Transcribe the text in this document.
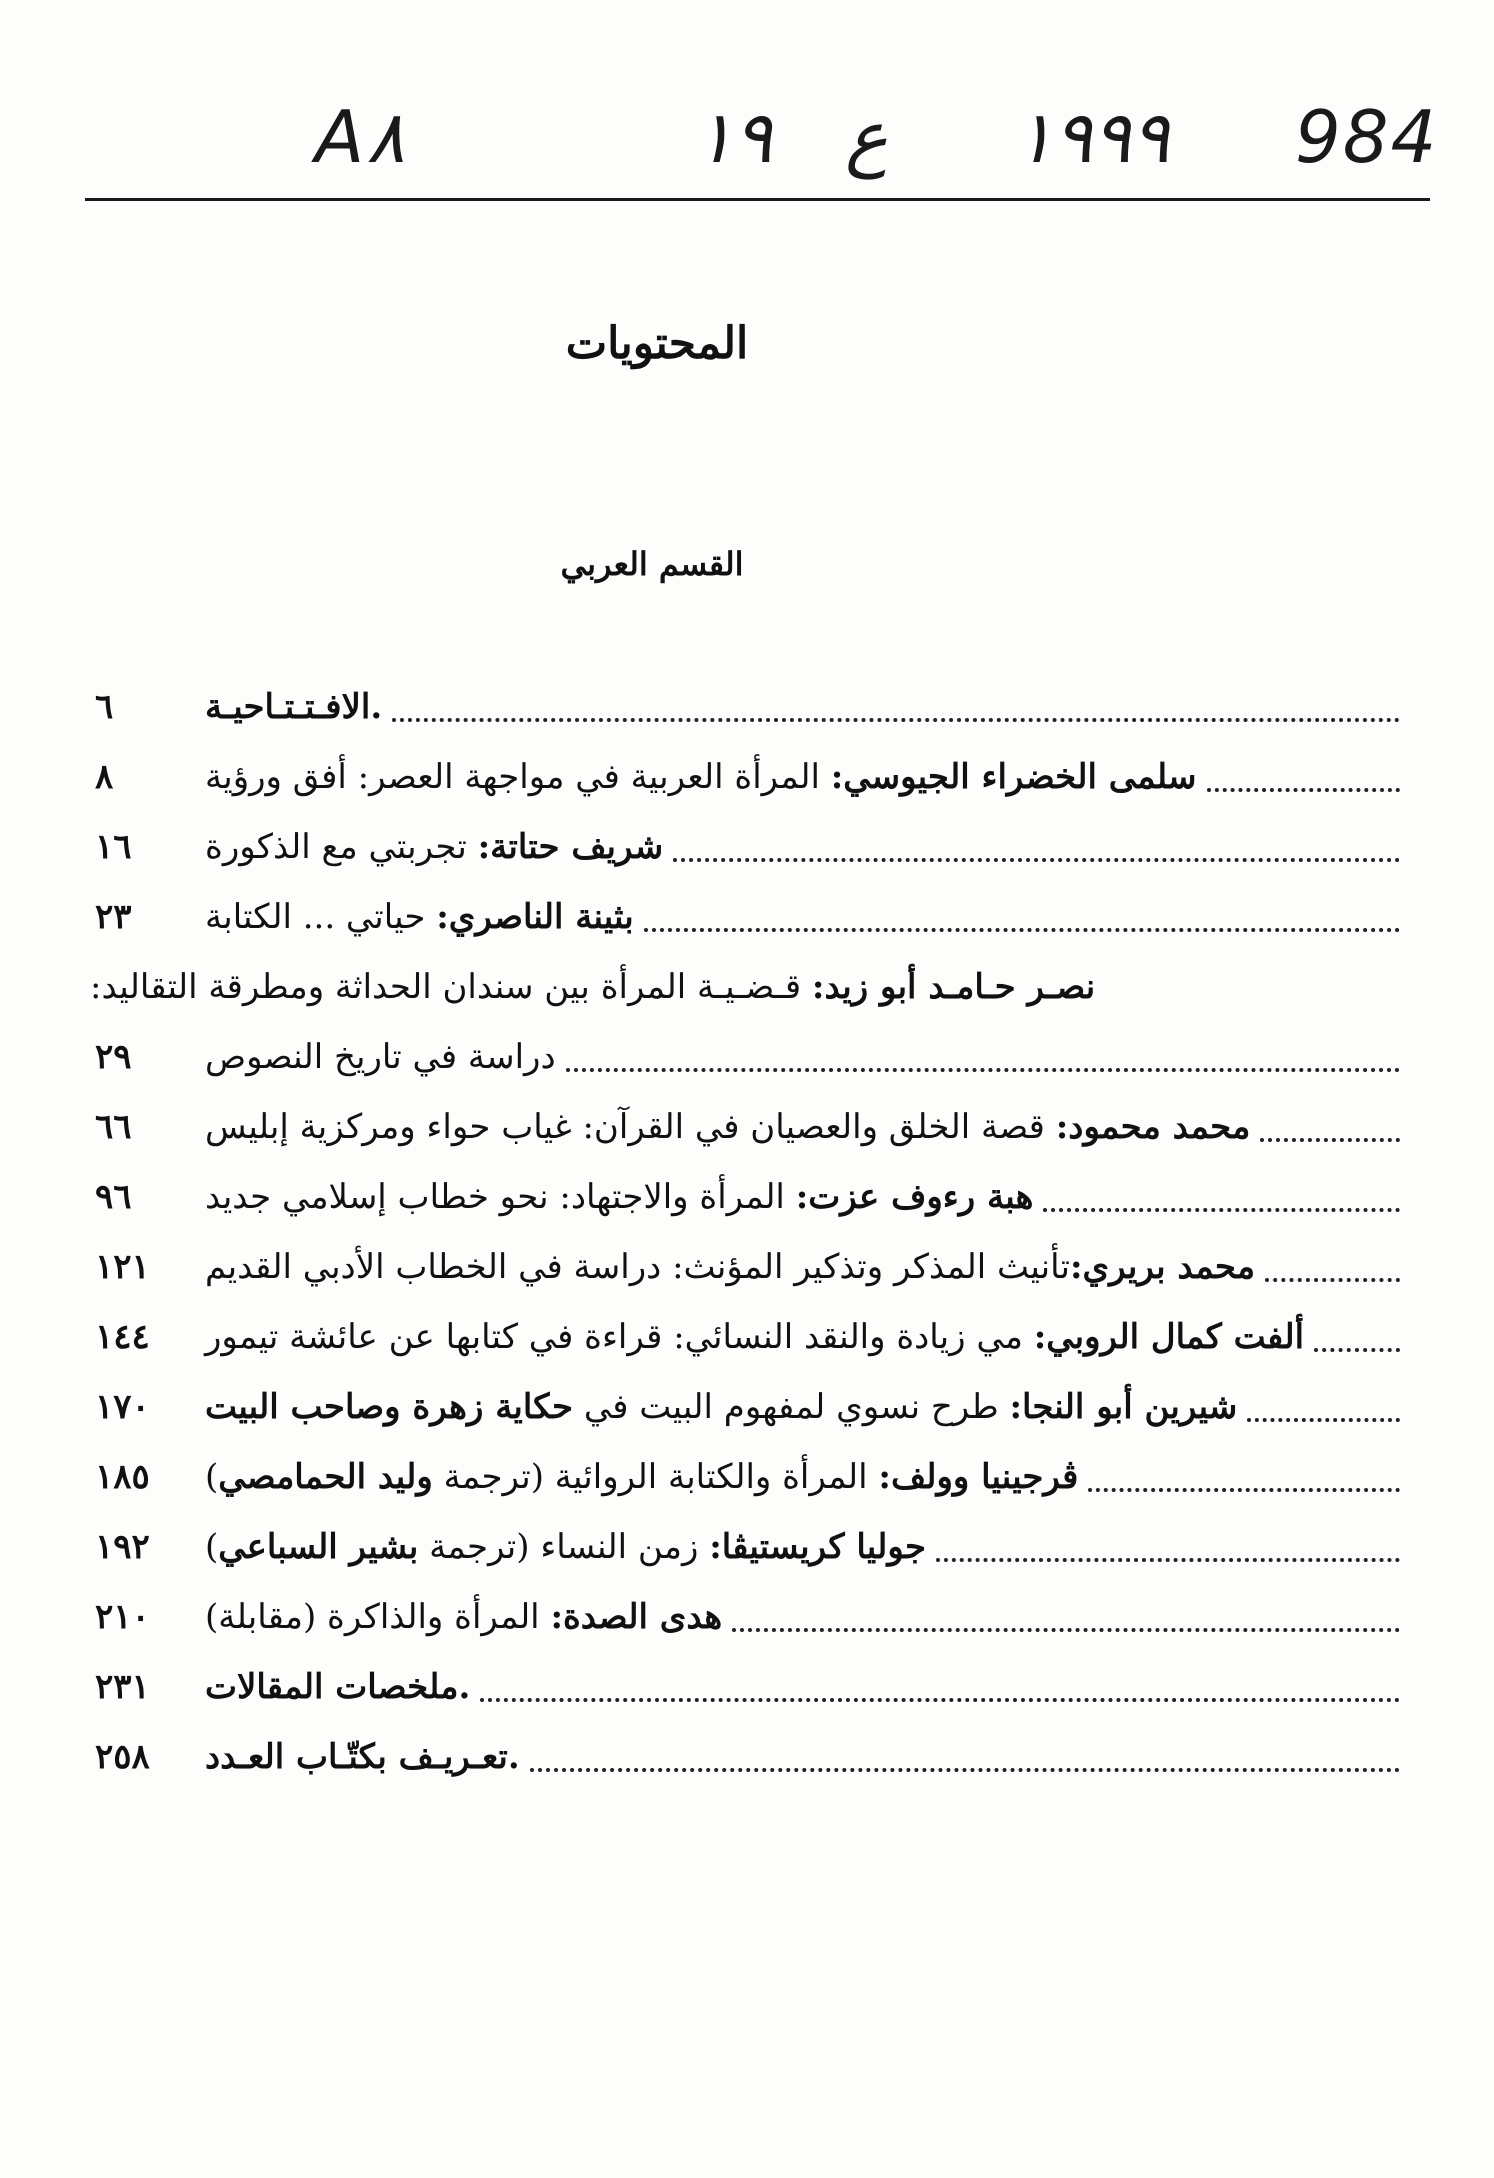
A٨	١٩ ع ١٩٩٩ 984
المحتويات
القسم العربي
.الافـتـتـاحيـة
٦
سلمى الخضراء الجيوسي: المرأة العربية في مواجهة العصر: أفق ورؤية
٨
شريف حتاتة: تجربتي مع الذكورة
١٦
بثينة الناصري: حياتي ... الكتابة
٢٣
نصـر حـامـد أبو زيد: قـضـيـة المرأة بين سندان الحداثة ومطرقة التقاليد:
دراسة في تاريخ النصوص
٢٩
محمد محمود: قصة الخلق والعصيان في القرآن: غياب حواء ومركزية إبليس
٦٦
هبة رءوف عزت: المرأة والاجتهاد: نحو خطاب إسلامي جديد
٩٦
محمد بريري:تأنيث المذكر وتذكير المؤنث: دراسة في الخطاب الأدبي القديم
١٢١
ألفت كمال الروبي: مي زيادة والنقد النسائي: قراءة في كتابها عن عائشة تيمور
١٤٤
شيرين أبو النجا: طرح نسوي لمفهوم البيت في حكاية زهرة وصاحب البيت
١٧٠
ڤرجينيا وولف: المرأة والكتابة الروائية (ترجمة وليد الحمامصي)
١٨٥
جوليا كريستيڤا: زمن النساء (ترجمة بشير السباعي)
١٩٢
هدى الصدة: المرأة والذاكرة (مقابلة)
٢١٠
.ملخصات المقالات
٢٣١
.تعـريـف بكتّـاب العـدد
٢٥٨
